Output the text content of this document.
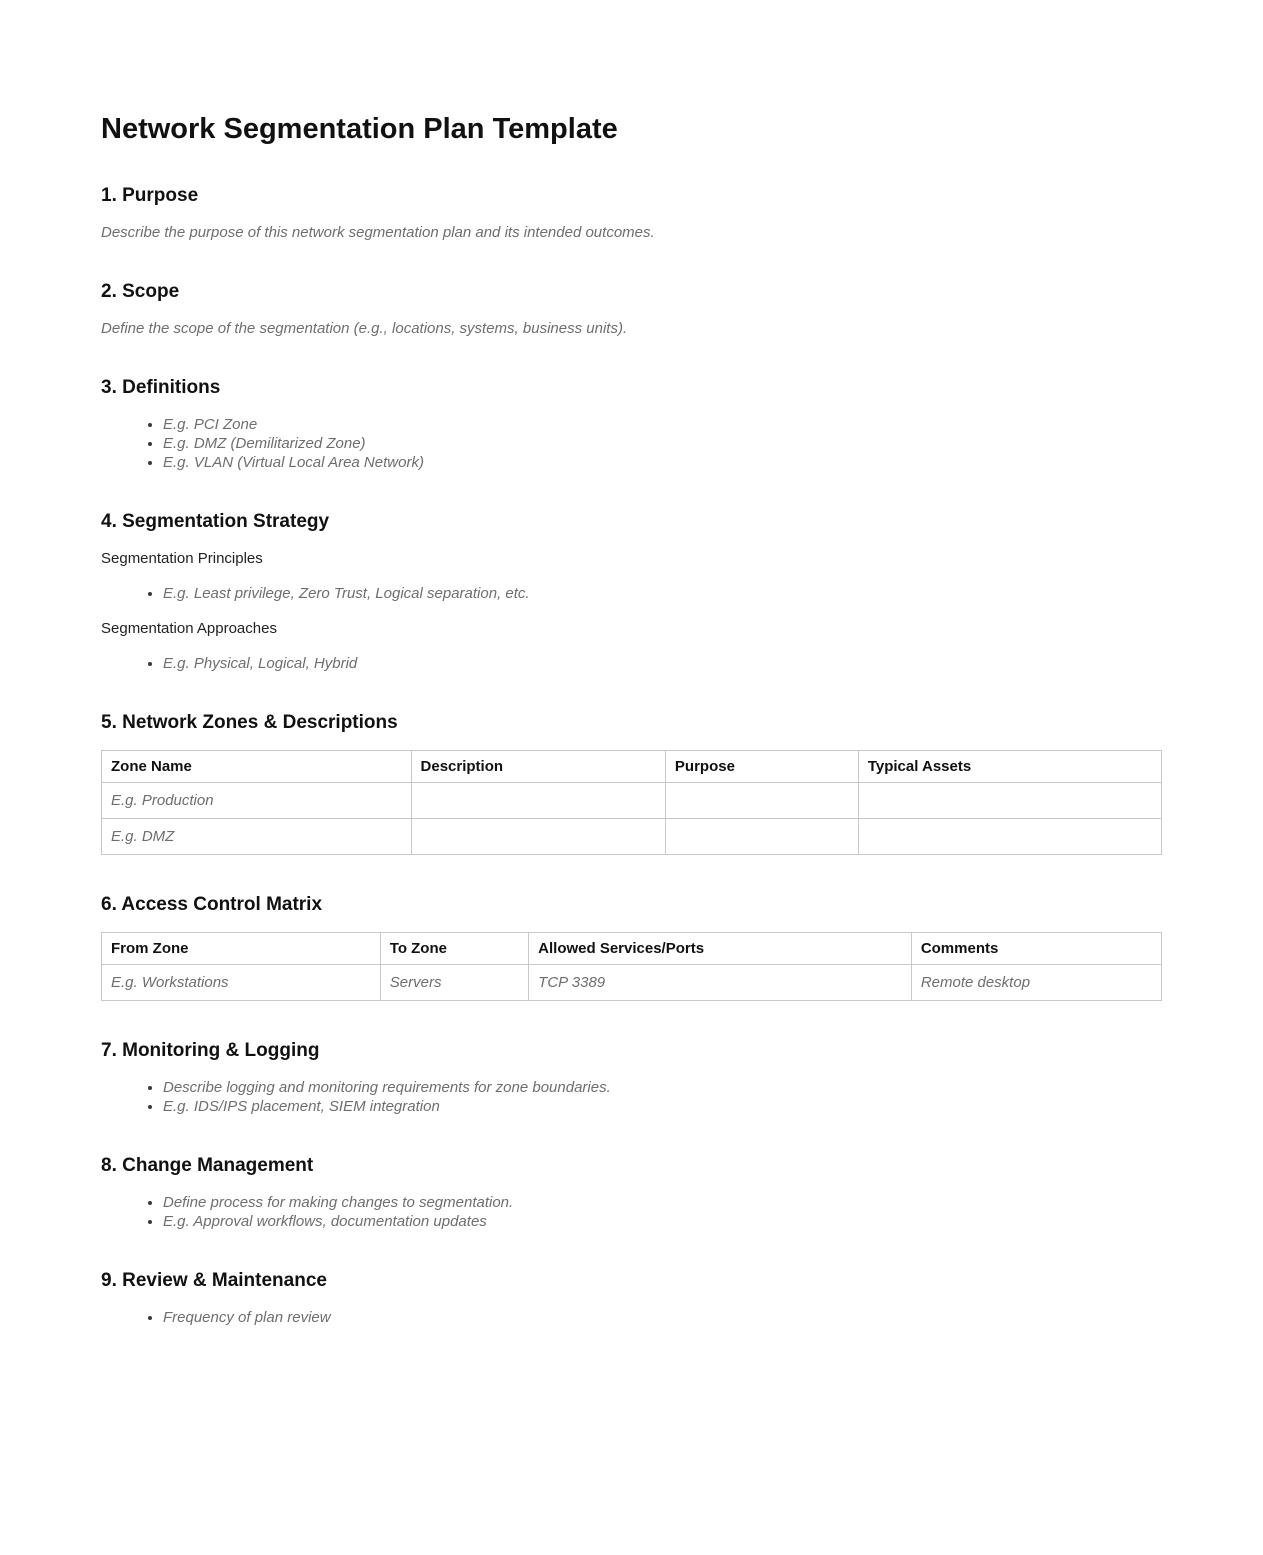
Network Segmentation Plan Template
1. Purpose

Describe the purpose of this network segmentation plan and its intended outcomes.

2. Scope

Define the scope of the segmentation (e.g., locations, systems, business units).

3. Definitions
• E.g. PCI Zone
• E.g. DMZ (Demilitarized Zone)
• E.g. VLAN (Virtual Local Area Network)
4. Segmentation Strategy

Segmentation Principles

• E.g. Least privilege, Zero Trust, Logical separation, etc.

Segmentation Approaches

• E.g. Physical, Logical, Hybrid
5. Network Zones & Descriptions
Zone Name	Description	Purpose	Typical Assets
E.g. Production			
E.g. DMZ			
6. Access Control Matrix
From Zone	To Zone	Allowed Services/Ports	Comments
E.g. Workstations	Servers	TCP 3389	Remote desktop
7. Monitoring & Logging
• Describe logging and monitoring requirements for zone boundaries.
• E.g. IDS/IPS placement, SIEM integration
8. Change Management
• Define process for making changes to segmentation.
• E.g. Approval workflows, documentation updates
9. Review & Maintenance
• Frequency of plan review
